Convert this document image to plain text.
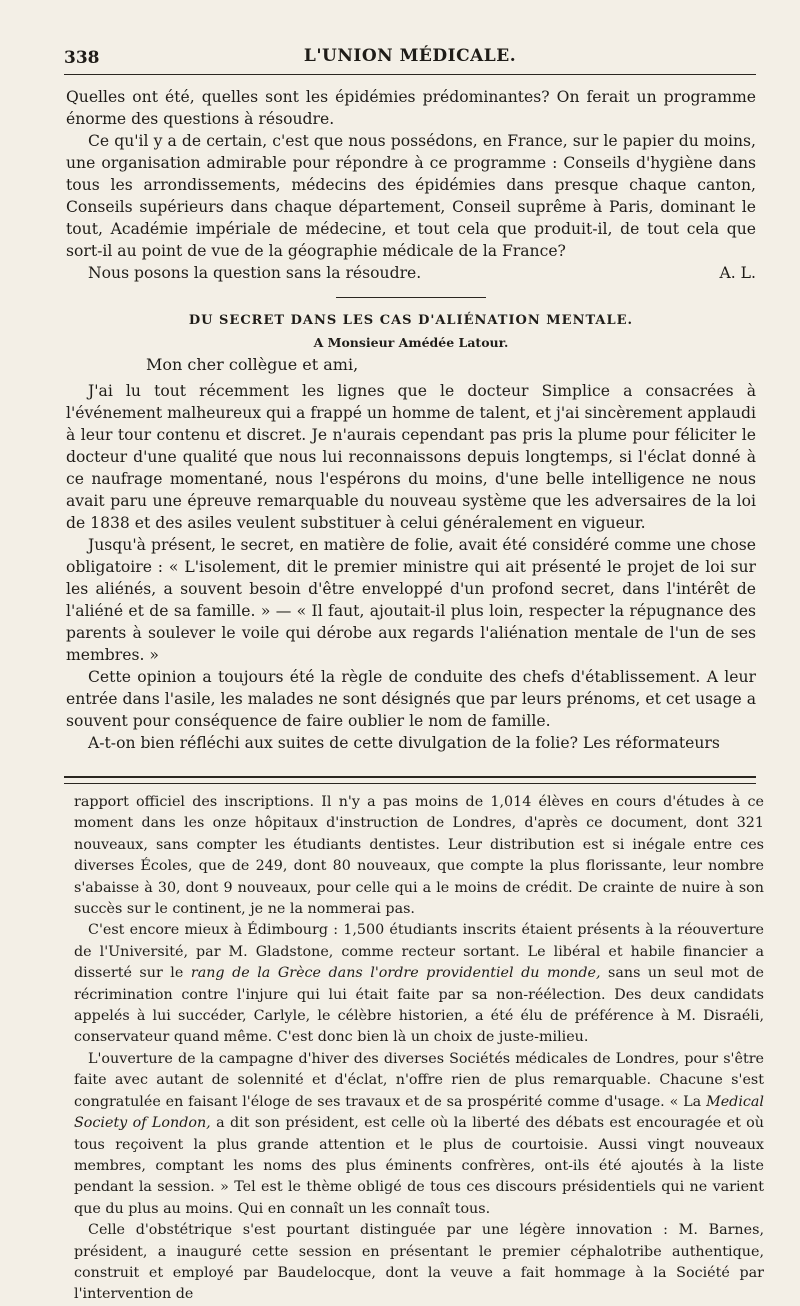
338	L'UNION MÉDICALE.

Quelles ont été, quelles sont les épidémies prédominantes? On ferait un programme énorme des questions à résoudre.

Ce qu'il y a de certain, c'est que nous possédons, en France, sur le papier du moins, une organisation admirable pour répondre à ce programme : Conseils d'hygiène dans tous les arrondissements, médecins des épidémies dans presque chaque canton, Conseils supérieurs dans chaque département, Conseil suprême à Paris, dominant le tout, Académie impériale de médecine, et tout cela que produit-il, de tout cela que sort-il au point de vue de la géographie médicale de la France?

Nous posons la question sans la résoudre.	A. L.

DU SECRET DANS LES CAS D'ALIÉNATION MENTALE.

A Monsieur Amédée Latour.

Mon cher collègue et ami,

J'ai lu tout récemment les lignes que le docteur Simplice a consacrées à l'événement malheureux qui a frappé un homme de talent, et j'ai sincèrement applaudi à leur tour contenu et discret. Je n'aurais cependant pas pris la plume pour féliciter le docteur d'une qualité que nous lui reconnaissons depuis longtemps, si l'éclat donné à ce naufrage momentané, nous l'espérons du moins, d'une belle intelligence ne nous avait paru une épreuve remarquable du nouveau système que les adversaires de la loi de 1838 et des asiles veulent substituer à celui généralement en vigueur.

Jusqu'à présent, le secret, en matière de folie, avait été considéré comme une chose obligatoire : « L'isolement, dit le premier ministre qui ait présenté le projet de loi sur les aliénés, a souvent besoin d'être enveloppé d'un profond secret, dans l'intérêt de l'aliéné et de sa famille. » — « Il faut, ajoutait-il plus loin, respecter la répugnance des parents à soulever le voile qui dérobe aux regards l'aliénation mentale de l'un de ses membres. »

Cette opinion a toujours été la règle de conduite des chefs d'établissement. A leur entrée dans l'asile, les malades ne sont désignés que par leurs prénoms, et cet usage a souvent pour conséquence de faire oublier le nom de famille.

A-t-on bien réfléchi aux suites de cette divulgation de la folie? Les réformateurs

rapport officiel des inscriptions. Il n'y a pas moins de 1,014 élèves en cours d'études à ce moment dans les onze hôpitaux d'instruction de Londres, d'après ce document, dont 321 nouveaux, sans compter les étudiants dentistes. Leur distribution est si inégale entre ces diverses Écoles, que de 249, dont 80 nouveaux, que compte la plus florissante, leur nombre s'abaisse à 30, dont 9 nouveaux, pour celle qui a le moins de crédit. De crainte de nuire à son succès sur le continent, je ne la nommerai pas.

C'est encore mieux à Édimbourg : 1,500 étudiants inscrits étaient présents à la réouverture de l'Université, par M. Gladstone, comme recteur sortant. Le libéral et habile financier a disserté sur le rang de la Grèce dans l'ordre providentiel du monde, sans un seul mot de récrimination contre l'injure qui lui était faite par sa non-réélection. Des deux candidats appelés à lui succéder, Carlyle, le célèbre historien, a été élu de préférence à M. Disraéli, conservateur quand même. C'est donc bien là un choix de juste-milieu.

L'ouverture de la campagne d'hiver des diverses Sociétés médicales de Londres, pour s'être faite avec autant de solennité et d'éclat, n'offre rien de plus remarquable. Chacune s'est congratulée en faisant l'éloge de ses travaux et de sa prospérité comme d'usage. « La Medical Society of London, a dit son président, est celle où la liberté des débats est encouragée et où tous reçoivent la plus grande attention et le plus de courtoisie. Aussi vingt nouveaux membres, comptant les noms des plus éminents confrères, ont-ils été ajoutés à la liste pendant la session. » Tel est le thème obligé de tous ces discours présidentiels qui ne varient que du plus au moins. Qui en connaît un les connaît tous.

Celle d'obstétrique s'est pourtant distinguée par une légère innovation : M. Barnes, président, a inauguré cette session en présentant le premier céphalotribe authentique, construit et employé par Baudelocque, dont la veuve a fait hommage à la Société par l'intervention de
